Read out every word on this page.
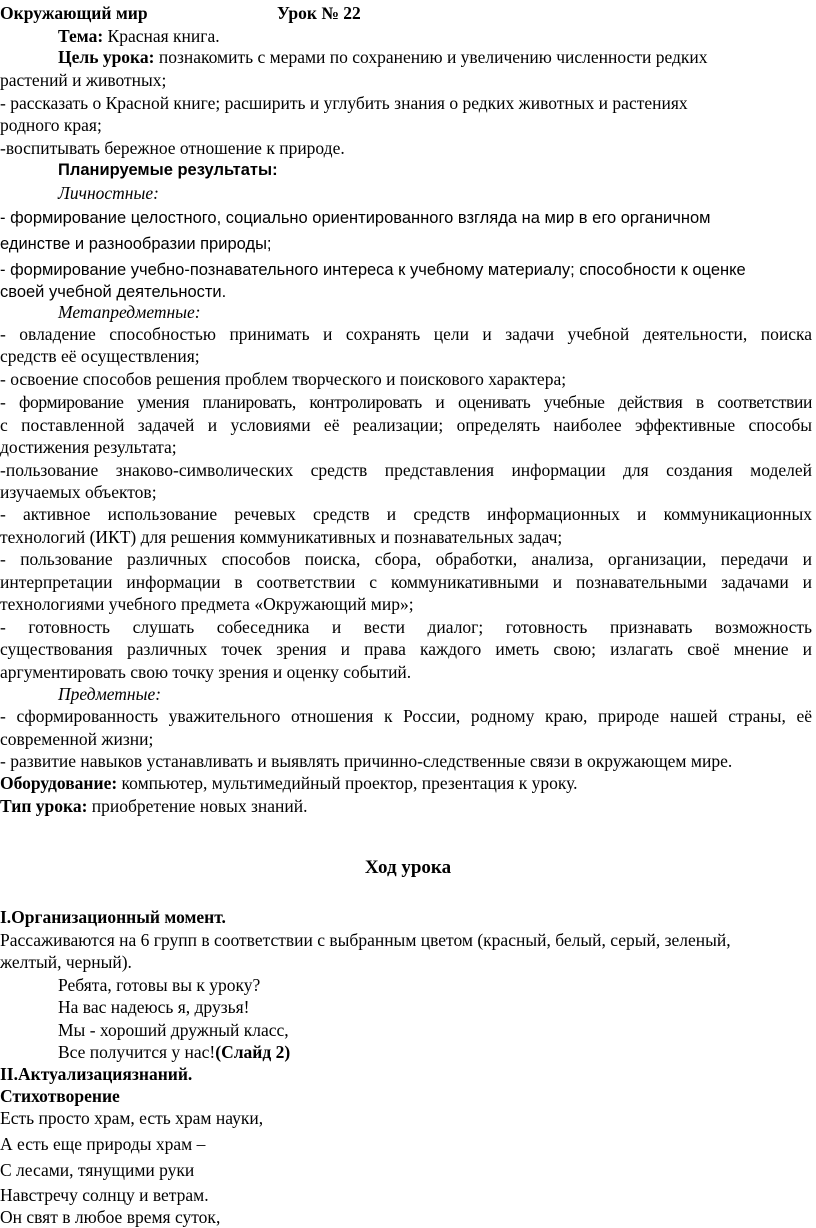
Окружающий мир	Урок № 22
Тема: Красная книга.
Цель урока: познакомить с мерами по сохранению и увеличению численности редких
растений и животных;
- рассказать о Красной книге; расширить и углубить знания о редких животных и растениях
родного края;
-воспитывать бережное отношение к природе.
Планируемые результаты:
Личностные:
- формирование целостного, социально ориентированного взгляда на мир в его органичном
единстве и разнообразии природы;
- формирование учебно-познавательного интереса к учебному материалу; способности к оценке
своей учебной деятельности.
Метапредметные:
- овладение способностью принимать и сохранять цели и задачи учебной деятельности, поиска
средств её осуществления;
- освоение способов решения проблем творческого и поискового характера;
- формирование умения планировать, контролировать и оценивать учебные действия в соответствии
с поставленной задачей и условиями её реализации; определять наиболее эффективные способы
достижения результата;
-пользование знаково-символических средств представления информации для создания моделей
изучаемых объектов;
- активное использование речевых средств и средств информационных и коммуникационных
технологий (ИКТ) для решения коммуникативных и познавательных задач;
- пользование различных способов поиска, сбора, обработки, анализа, организации, передачи и
интерпретации информации в соответствии с коммуникативными и познавательными задачами и
технологиями учебного предмета «Окружающий мир»;
- готовность слушать собеседника и вести диалог; готовность признавать возможность
существования различных точек зрения и права каждого иметь свою; излагать своё мнение и
аргументировать свою точку зрения и оценку событий.
Предметные:
- сформированность уважительного отношения к России, родному краю, природе нашей страны, её
современной жизни;
- развитие навыков устанавливать и выявлять причинно-следственные связи в окружающем мире.
Оборудование: компьютер, мультимедийный проектор, презентация к уроку.
Тип урока: приобретение новых знаний.
Ход урока
I.Организационный момент.
Рассаживаются на 6 групп в соответствии с выбранным цветом (красный, белый, серый, зеленый,
желтый, черный).
Ребята, готовы вы к уроку?
На вас надеюсь я, друзья!
Мы - хороший дружный класс,
Все получится у нас!(Слайд 2)
II.Актуализациязнаний.
Стихотворение
Есть просто храм, есть храм науки,
А есть еще природы храм –
С лесами, тянущими руки
Навстречу солнцу и ветрам.
Он свят в любое время суток,
